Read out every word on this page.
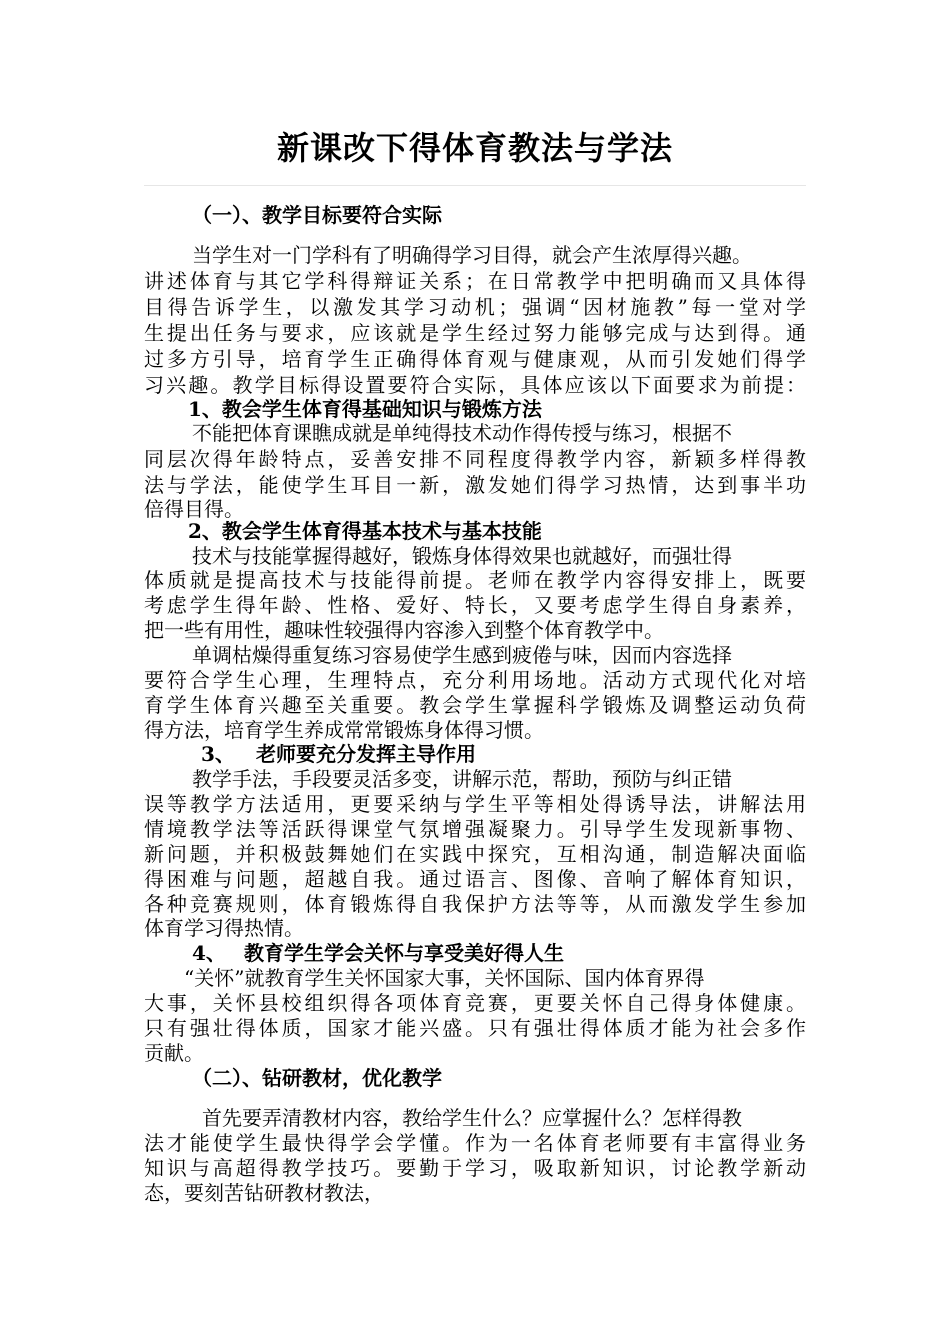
新课改下得体育教法与学法
（一）、教学目标要符合实际
当学生对一门学科有了明确得学习目得，就会产生浓厚得兴趣。
讲述体育与其它学科得辩证关系；在日常教学中把明确而又具体得
目得告诉学生，以激发其学习动机；强调“因材施教”每一堂对学
生提出任务与要求，应该就是学生经过努力能够完成与达到得。通
过多方引导，培育学生正确得体育观与健康观，从而引发她们得学
习兴趣。教学目标得设置要符合实际，具体应该以下面要求为前提：
1、教会学生体育得基础知识与锻炼方法
不能把体育课瞧成就是单纯得技术动作得传授与练习，根据不
同层次得年龄特点，妥善安排不同程度得教学内容，新颖多样得教
法与学法，能使学生耳目一新，激发她们得学习热情，达到事半功
倍得目得。
2、教会学生体育得基本技术与基本技能
技术与技能掌握得越好，锻炼身体得效果也就越好，而强壮得
体质就是提高技术与技能得前提。老师在教学内容得安排上，既要
考虑学生得年龄、性格、爱好、特长，又要考虑学生得自身素养，
把一些有用性，趣味性较强得内容渗入到整个体育教学中。
单调枯燥得重复练习容易使学生感到疲倦与味，因而内容选择
要符合学生心理，生理特点，充分利用场地。活动方式现代化对培
育学生体育兴趣至关重要。教会学生掌握科学锻炼及调整运动负荷
得方法，培育学生养成常常锻炼身体得习惯。
3、 老师要充分发挥主导作用
教学手法，手段要灵活多变，讲解示范，帮助，预防与纠正错
误等教学方法适用，更要采纳与学生平等相处得诱导法，讲解法用
情境教学法等活跃得课堂气氛增强凝聚力。引导学生发现新事物、
新问题，并积极鼓舞她们在实践中探究，互相沟通，制造解决面临
得困难与问题，超越自我。通过语言、图像、音响了解体育知识，
各种竞赛规则，体育锻炼得自我保护方法等等，从而激发学生参加
体育学习得热情。
4、 教育学生学会关怀与享受美好得人生
“关怀”就教育学生关怀国家大事，关怀国际、国内体育界得
大事，关怀县校组织得各项体育竞赛，更要关怀自己得身体健康。
只有强壮得体质，国家才能兴盛。只有强壮得体质才能为社会多作
贡献。
（二）、钻研教材，优化教学
首先要弄清教材内容，教给学生什么？应掌握什么？怎样得教
法才能使学生最快得学会学懂。作为一名体育老师要有丰富得业务
知识与高超得教学技巧。要勤于学习，吸取新知识，讨论教学新动
态，要刻苦钻研教材教法，
